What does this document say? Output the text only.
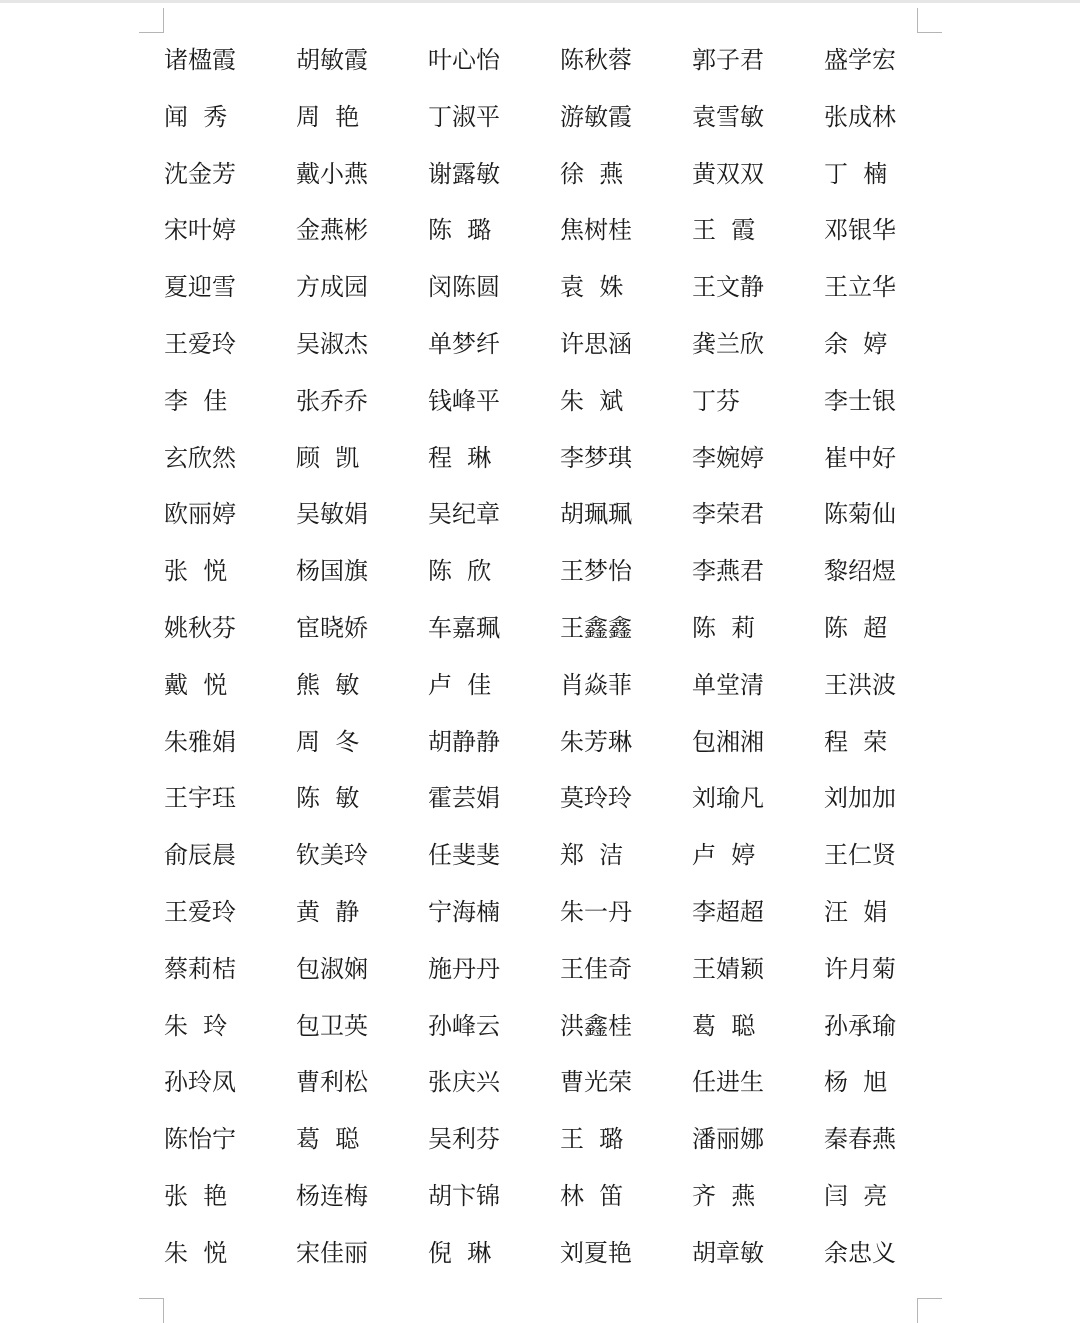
诸楹霞	胡敏霞	叶心怡	陈秋蓉	郭子君	盛学宏
闻  秀	周  艳	丁淑平	游敏霞	袁雪敏	张成林
沈金芳	戴小燕	谢露敏	徐  燕	黄双双	丁  楠
宋叶婷	金燕彬	陈  璐	焦树桂	王  霞	邓银华
夏迎雪	方成园	闵陈圆	袁  姝	王文静	王立华
王爱玲	吴淑杰	单梦纤	许思涵	龚兰欣	余  婷
李  佳	张乔乔	钱峰平	朱  斌	丁芬	李士银
玄欣然	顾  凯	程  琳	李梦琪	李婉婷	崔中好
欧丽婷	吴敏娟	吴纪章	胡珮珮	李荣君	陈菊仙
张  悦	杨国旗	陈  欣	王梦怡	李燕君	黎绍煜
姚秋芬	宦晓娇	车嘉珮	王鑫鑫	陈  莉	陈  超
戴  悦	熊  敏	卢  佳	肖焱菲	单堂清	王洪波
朱雅娟	周  冬	胡静静	朱芳琳	包湘湘	程  荣
王宇珏	陈  敏	霍芸娟	莫玲玲	刘瑜凡	刘加加
俞辰晨	钦美玲	任斐斐	郑  洁	卢  婷	王仁贤
王爱玲	黄  静	宁海楠	朱一丹	李超超	汪  娟
蔡莉桔	包淑娴	施丹丹	王佳奇	王婧颖	许月菊
朱  玲	包卫英	孙峰云	洪鑫桂	葛  聪	孙承瑜
孙玲凤	曹利松	张庆兴	曹光荣	任进生	杨  旭
陈怡宁	葛  聪	吴利芬	王  璐	潘丽娜	秦春燕
张  艳	杨连梅	胡卞锦	林  笛	齐  燕	闫  亮
朱  悦	宋佳丽	倪  琳	刘夏艳	胡章敏	余忠义
